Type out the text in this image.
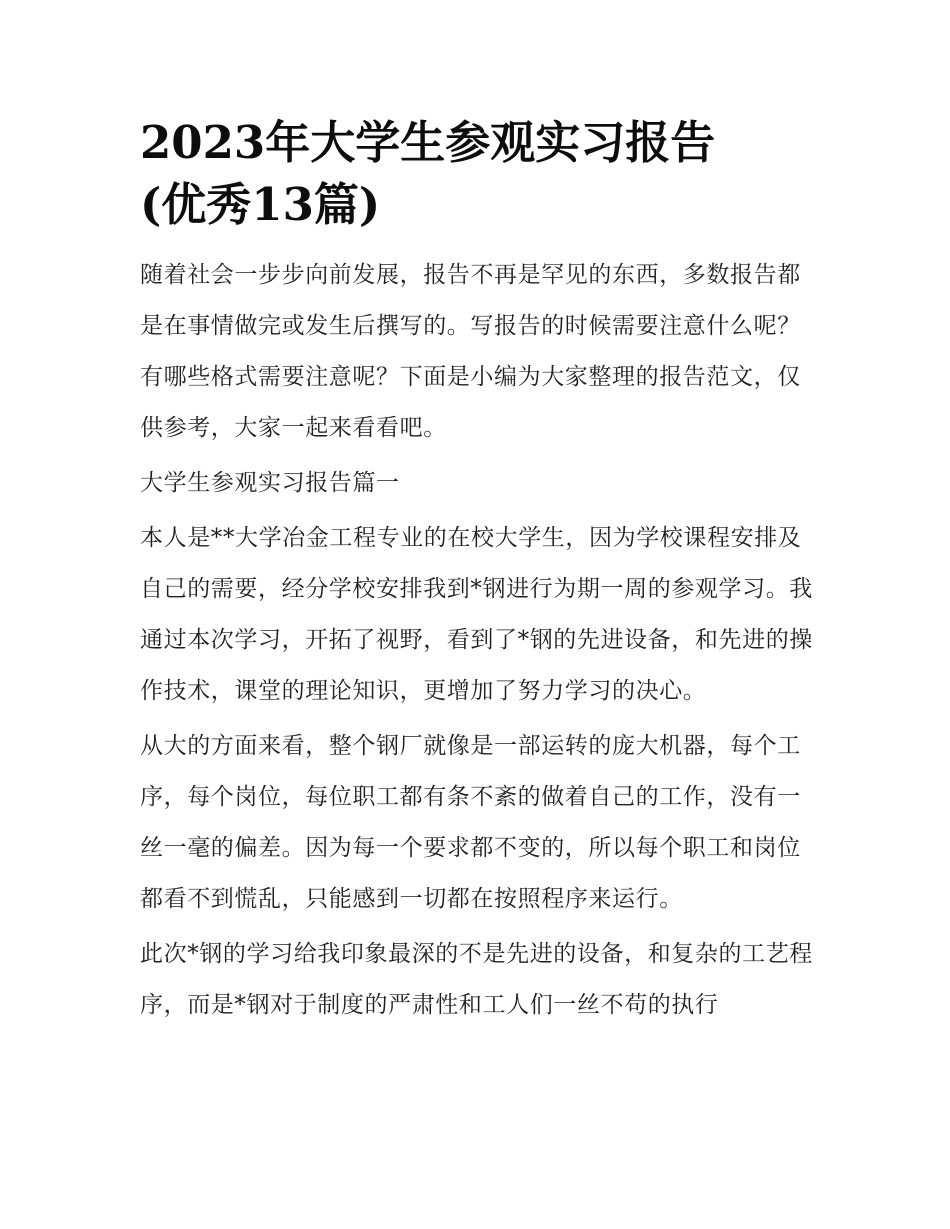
2023年大学生参观实习报告
(优秀13篇)

随着社会一步步向前发展，报告不再是罕见的东西，多数报告都是在事情做完或发生后撰写的。写报告的时候需要注意什么呢？有哪些格式需要注意呢？下面是小编为大家整理的报告范文，仅供参考，大家一起来看看吧。

大学生参观实习报告篇一

本人是**大学冶金工程专业的在校大学生，因为学校课程安排及自己的需要，经分学校安排我到*钢进行为期一周的参观学习。我通过本次学习，开拓了视野，看到了*钢的先进设备，和先进的操作技术，课堂的理论知识，更增加了努力学习的决心。

从大的方面来看，整个钢厂就像是一部运转的庞大机器，每个工序，每个岗位，每位职工都有条不紊的做着自己的工作，没有一丝一毫的偏差。因为每一个要求都不变的，所以每个职工和岗位都看不到慌乱，只能感到一切都在按照程序来运行。

此次*钢的学习给我印象最深的不是先进的设备，和复杂的工艺程序，而是*钢对于制度的严肃性和工人们一丝不苟的执行
